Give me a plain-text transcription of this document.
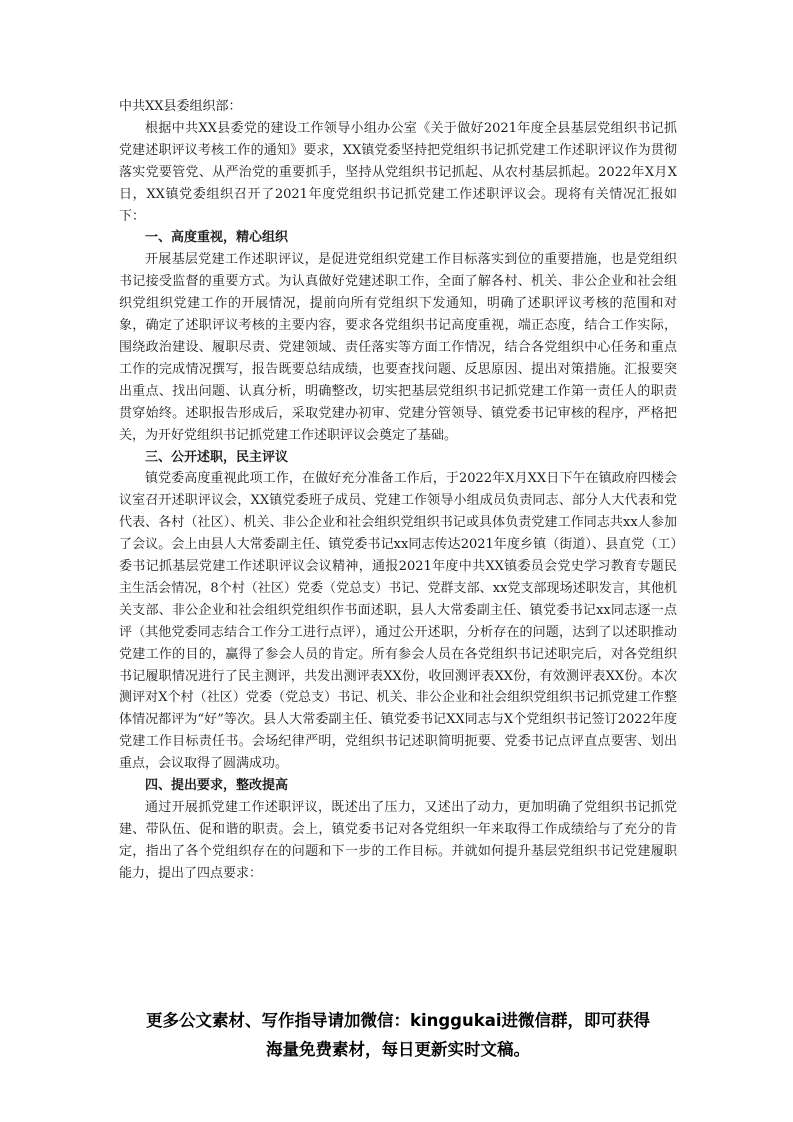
中共XX县委组织部：

根据中共XX县委党的建设工作领导小组办公室《关于做好2021年度全县基层党组织书记抓党建述职评议考核工作的通知》要求，XX镇党委坚持把党组织书记抓党建工作述职评议作为贯彻落实党要管党、从严治党的重要抓手，坚持从党组织书记抓起、从农村基层抓起。2022年X月X日，XX镇党委组织召开了2021年度党组织书记抓党建工作述职评议会。现将有关情况汇报如下：

一、高度重视，精心组织

开展基层党建工作述职评议，是促进党组织党建工作目标落实到位的重要措施，也是党组织书记接受监督的重要方式。为认真做好党建述职工作，全面了解各村、机关、非公企业和社会组织党组织党建工作的开展情况，提前向所有党组织下发通知，明确了述职评议考核的范围和对象，确定了述职评议考核的主要内容，要求各党组织书记高度重视，端正态度，结合工作实际，围绕政治建设、履职尽责、党建领域、责任落实等方面工作情况，结合各党组织中心任务和重点工作的完成情况撰写，报告既要总结成绩，也要查找问题、反思原因、提出对策措施。汇报要突出重点、找出问题、认真分析，明确整改，切实把基层党组织书记抓党建工作第一责任人的职责贯穿始终。述职报告形成后，采取党建办初审、党建分管领导、镇党委书记审核的程序，严格把关，为开好党组织书记抓党建工作述职评议会奠定了基础。

三、公开述职，民主评议

镇党委高度重视此项工作，在做好充分准备工作后，于2022年X月XX日下午在镇政府四楼会议室召开述职评议会，XX镇党委班子成员、党建工作领导小组成员负责同志、部分人大代表和党代表、各村（社区）、机关、非公企业和社会组织党组织书记或具体负责党建工作同志共xx人参加了会议。会上由县人大常委副主任、镇党委书记xx同志传达2021年度乡镇（街道）、县直党（工）委书记抓基层党建工作述职评议会议精神，通报2021年度中共XX镇委员会党史学习教育专题民主生活会情况，8个村（社区）党委（党总支）书记、党群支部、xx党支部现场述职发言，其他机关支部、非公企业和社会组织党组织作书面述职，县人大常委副主任、镇党委书记xx同志逐一点评（其他党委同志结合工作分工进行点评），通过公开述职，分析存在的问题，达到了以述职推动党建工作的目的，赢得了参会人员的肯定。所有参会人员在各党组织书记述职完后，对各党组织书记履职情况进行了民主测评，共发出测评表XX份，收回测评表XX份，有效测评表XX份。本次测评对X个村（社区）党委（党总支）书记、机关、非公企业和社会组织党组织书记抓党建工作整体情况都评为“好”等次。县人大常委副主任、镇党委书记XX同志与X个党组织书记签订2022年度党建工作目标责任书。会场纪律严明，党组织书记述职简明扼要、党委书记点评直点要害、划出重点，会议取得了圆满成功。

四、提出要求，整改提高

通过开展抓党建工作述职评议，既述出了压力，又述出了动力，更加明确了党组织书记抓党建、带队伍、促和谐的职责。会上，镇党委书记对各党组织一年来取得工作成绩给与了充分的肯定，指出了各个党组织存在的问题和下一步的工作目标。并就如何提升基层党组织书记党建履职能力，提出了四点要求：

更多公文素材、写作指导请加微信：kinggukai进微信群，即可获得
海量免费素材，每日更新实时文稿。
